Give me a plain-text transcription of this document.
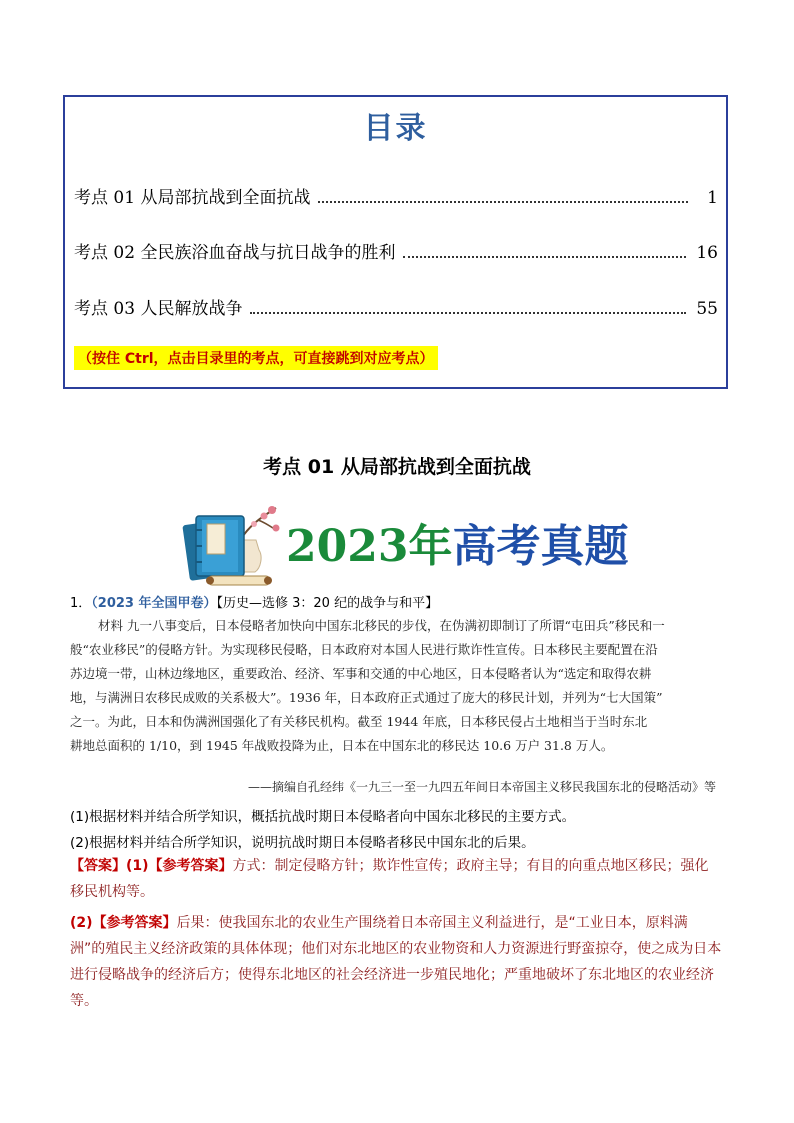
目录
考点 01 从局部抗战到全面抗战	1
考点 02 全民族浴血奋战与抗日战争的胜利	16
考点 03 人民解放战争	55
（按住 Ctrl，点击目录里的考点，可直接跳到对应考点）
考点 01 从局部抗战到全面抗战
2023年高考真题
1．（2023 年全国甲卷）【历史—选修 3：20 纪的战争与和平】
材料 九一八事变后，日本侵略者加快向中国东北移民的步伐，在伪满初即制订了所谓“屯田兵”移民和一
般“农业移民”的侵略方针。为实现移民侵略，日本政府对本国人民进行欺诈性宣传。日本移民主要配置在沿
苏边境一带，山林边缘地区，重要政治、经济、军事和交通的中心地区，日本侵略者认为“选定和取得农耕
地，与满洲日农移民成败的关系极大”。1936 年，日本政府正式通过了庞大的移民计划，并列为“七大国策”
之一。为此，日本和伪满洲国强化了有关移民机构。截至 1944 年底，日本移民侵占土地相当于当时东北
耕地总面积的 1/10，到 1945 年战败投降为止，日本在中国东北的移民达 10.6 万户 31.8 万人。
——摘编自孔经纬《一九三一至一九四五年间日本帝国主义移民我国东北的侵略活动》等
(1)根据材料并结合所学知识，概括抗战时期日本侵略者向中国东北移民的主要方式。
(2)根据材料并结合所学知识，说明抗战时期日本侵略者移民中国东北的后果。
【答案】(1)【参考答案】方式：制定侵略方针；欺诈性宣传；政府主导；有目的向重点地区移民；强化移民机构等。
(2)【参考答案】后果：使我国东北的农业生产围绕着日本帝国主义利益进行，是“工业日本，原料满洲”的殖民主义经济政策的具体体现；他们对东北地区的农业物资和人力资源进行野蛮掠夺，使之成为日本进行侵略战争的经济后方；使得东北地区的社会经济进一步殖民地化；严重地破坏了东北地区的农业经济等。
